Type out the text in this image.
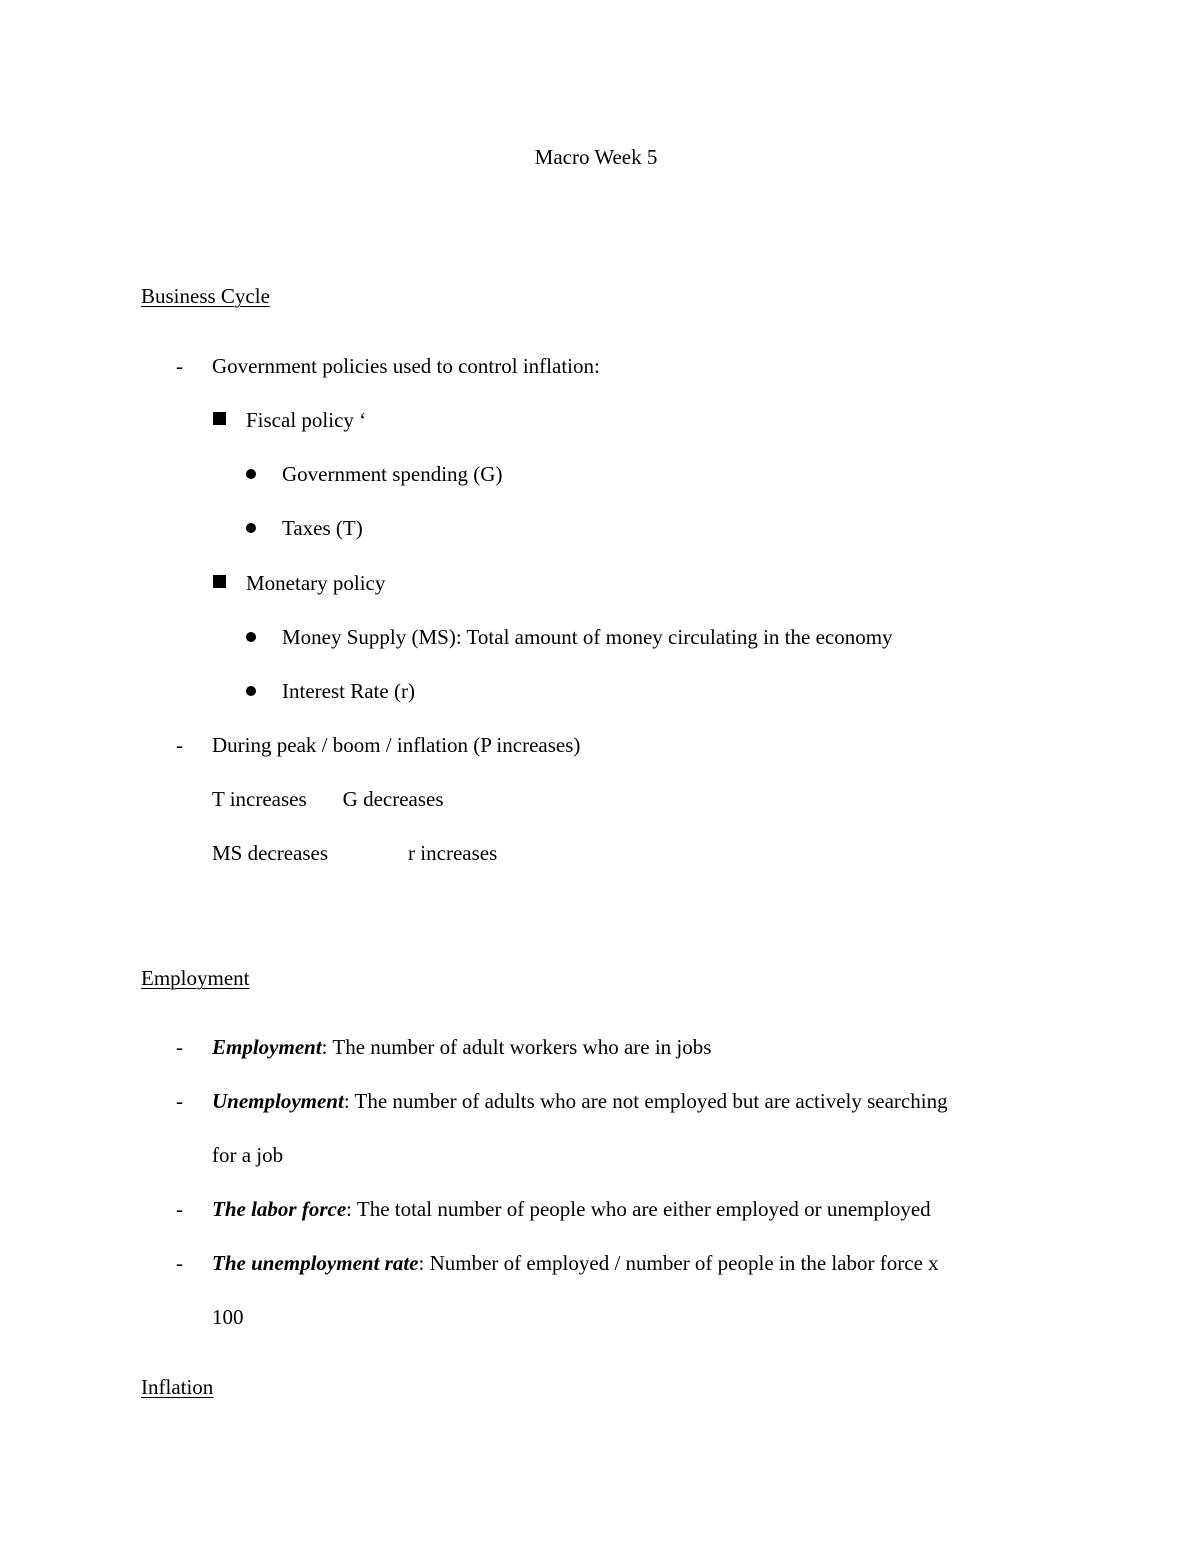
Macro Week 5
Business Cycle
- Government policies used to control inflation:
Fiscal policy ‘
Government spending (G)
Taxes (T)
Monetary policy
Money Supply (MS): Total amount of money circulating in the economy
Interest Rate (r)
- During peak / boom / inflation (P increases)
T increases G decreases
MS decreases	r increases
Employment
- Employment: The number of adult workers who are in jobs
- Unemployment: The number of adults who are not employed but are actively searching
for a job
- The labor force: The total number of people who are either employed or unemployed
- The unemployment rate: Number of employed / number of people in the labor force x
100
Inflation
